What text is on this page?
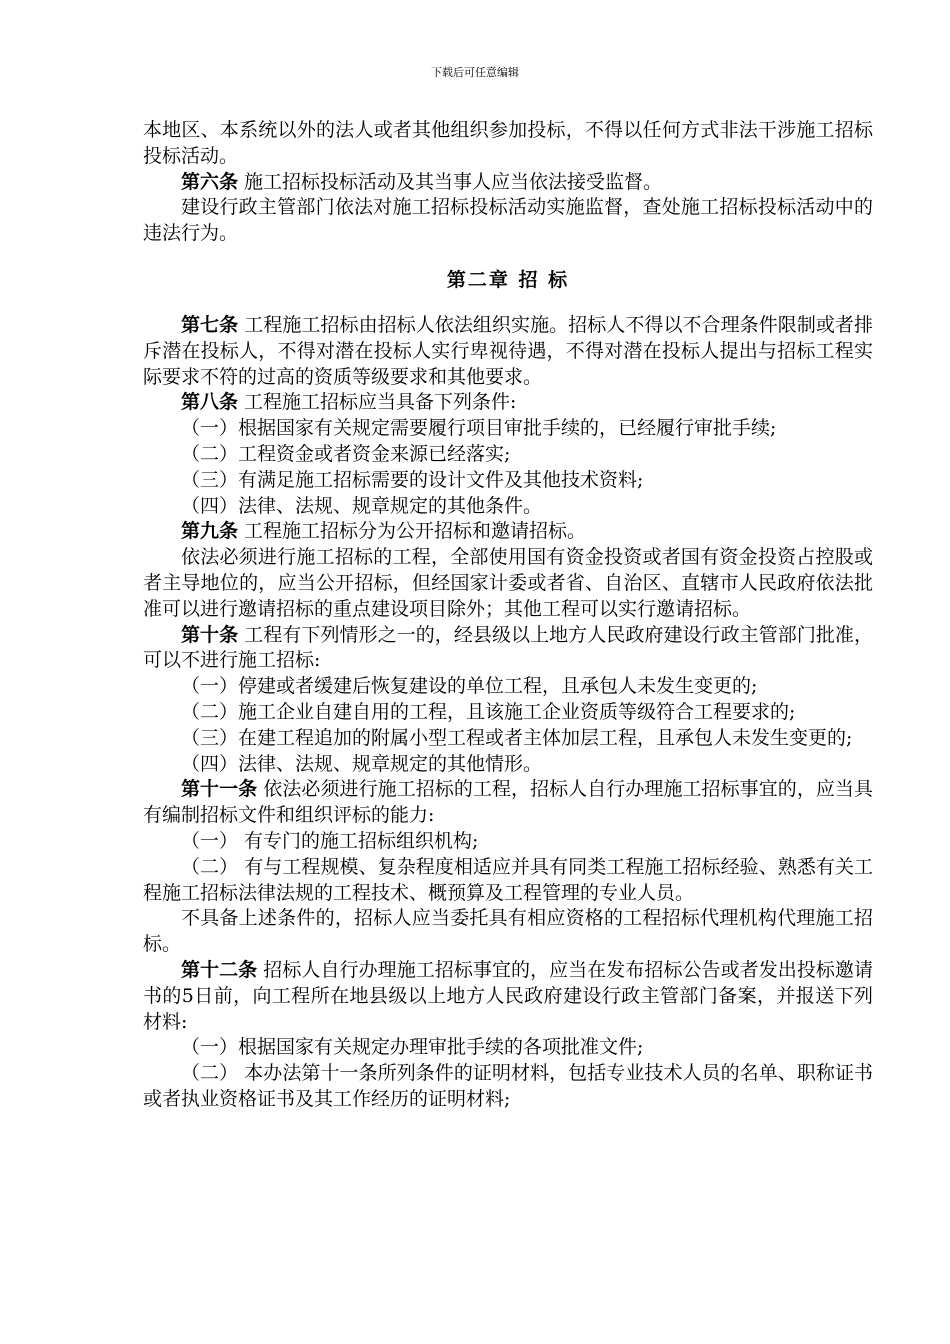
下载后可任意编辑

本地区、本系统以外的法人或者其他组织参加投标，不得以任何方式非法干涉施工招标投标活动。

第六条 施工招标投标活动及其当事人应当依法接受监督。

建设行政主管部门依法对施工招标投标活动实施监督，查处施工招标投标活动中的违法行为。

第二章 招 标

第七条 工程施工招标由招标人依法组织实施。招标人不得以不合理条件限制或者排斥潜在投标人，不得对潜在投标人实行卑视待遇，不得对潜在投标人提出与招标工程实际要求不符的过高的资质等级要求和其他要求。

第八条 工程施工招标应当具备下列条件:

（一）根据国家有关规定需要履行项目审批手续的，已经履行审批手续;

（二）工程资金或者资金来源已经落实;

（三）有满足施工招标需要的设计文件及其他技术资料;

（四）法律、法规、规章规定的其他条件。

第九条 工程施工招标分为公开招标和邀请招标。

依法必须进行施工招标的工程，全部使用国有资金投资或者国有资金投资占控股或者主导地位的，应当公开招标，但经国家计委或者省、自治区、直辖市人民政府依法批准可以进行邀请招标的重点建设项目除外；其他工程可以实行邀请招标。

第十条 工程有下列情形之一的，经县级以上地方人民政府建设行政主管部门批准，可以不进行施工招标:

（一）停建或者缓建后恢复建设的单位工程，且承包人未发生变更的;

（二）施工企业自建自用的工程，且该施工企业资质等级符合工程要求的;

（三）在建工程追加的附属小型工程或者主体加层工程，且承包人未发生变更的;

（四）法律、法规、规章规定的其他情形。

第十一条 依法必须进行施工招标的工程，招标人自行办理施工招标事宜的，应当具有编制招标文件和组织评标的能力:

（一） 有专门的施工招标组织机构;

（二） 有与工程规模、复杂程度相适应并具有同类工程施工招标经验、熟悉有关工程施工招标法律法规的工程技术、概预算及工程管理的专业人员。

不具备上述条件的，招标人应当委托具有相应资格的工程招标代理机构代理施工招标。

第十二条 招标人自行办理施工招标事宜的，应当在发布招标公告或者发出投标邀请书的5日前，向工程所在地县级以上地方人民政府建设行政主管部门备案，并报送下列材料:

（一）根据国家有关规定办理审批手续的各项批准文件;

（二） 本办法第十一条所列条件的证明材料，包括专业技术人员的名单、职称证书或者执业资格证书及其工作经历的证明材料;
